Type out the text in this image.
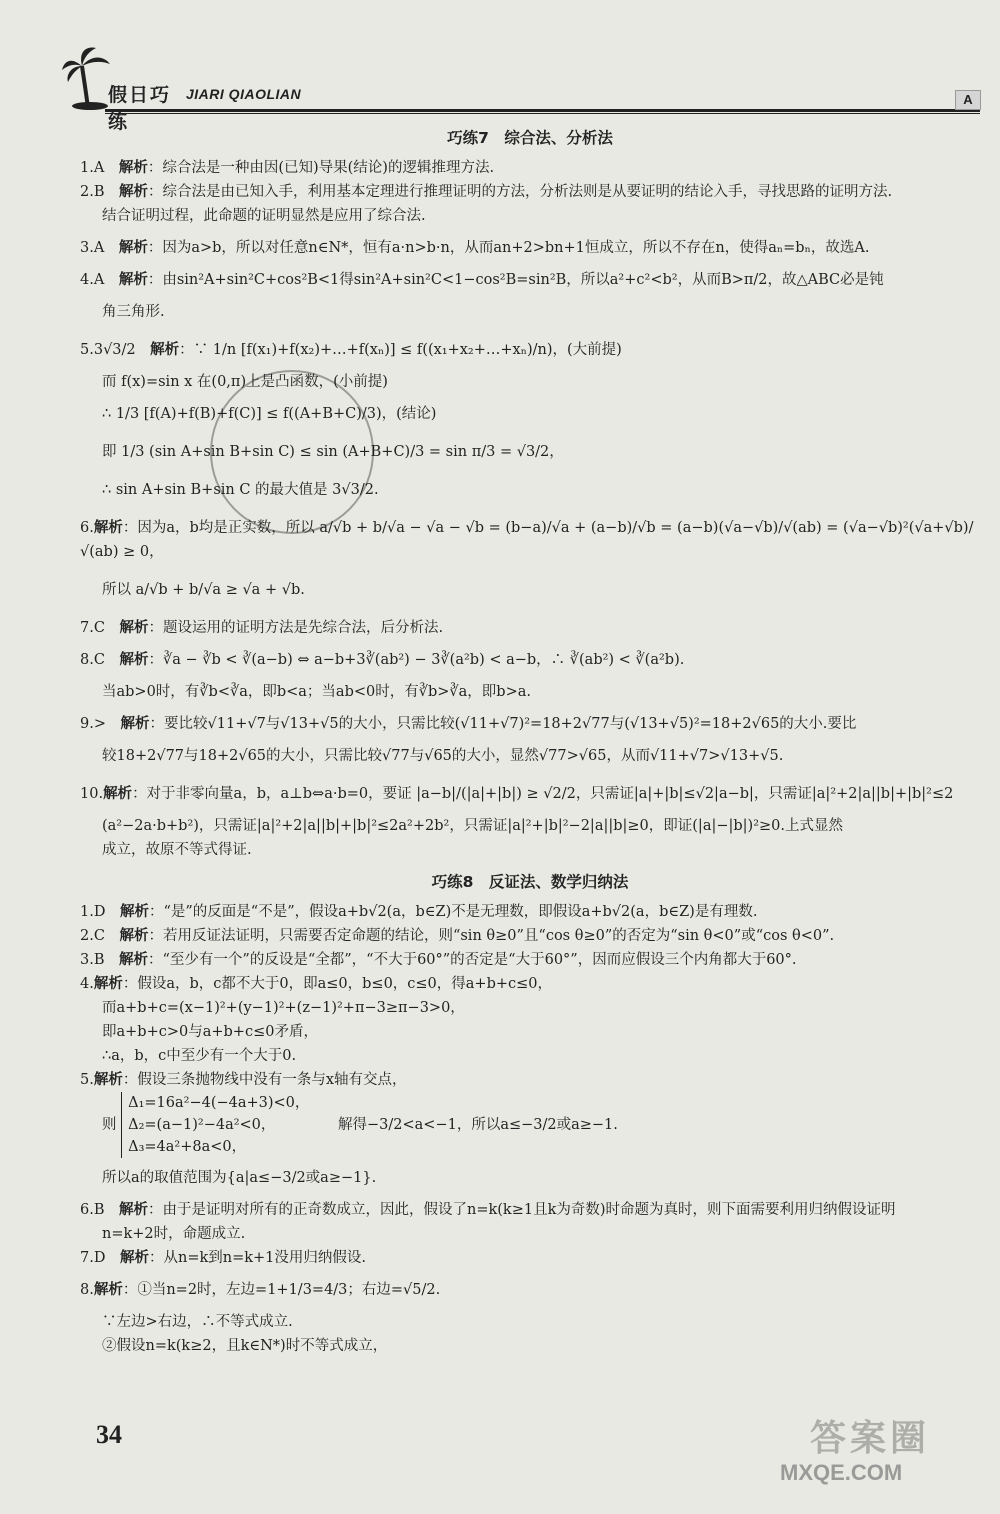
假日巧练
JIARI QIAOLIAN	A
巧练7　综合法、分析法
1.A　 解析：综合法是一种由因(已知)导果(结论)的逻辑推理方法.
2.B　 解析：综合法是由已知入手，利用基本定理进行推理证明的方法，分析法则是从要证明的结论入手，寻找思路的证明方法.
结合证明过程，此命题的证明显然是应用了综合法.
3.A　 解析：因为a>b，所以对任意n∈N*，恒有a·n>b·n，从而an+2>bn+1恒成立，所以不存在n，使得aₙ=bₙ，故选A.
4.A　 解析：由sin²A+sin²C+cos²B<1得sin²A+sin²C<1−cos²B=sin²B，所以a²+c²<b²，从而B>π/2，故△ABC必是钝
角三角形.
5.3√3/2　 解析：∵ 1/n [f(x₁)+f(x₂)+…+f(xₙ)] ≤ f((x₁+x₂+…+xₙ)/n)，(大前提)
而 f(x)=sin x 在(0,π)上是凸函数，(小前提)
∴ 1/3 [f(A)+f(B)+f(C)] ≤ f((A+B+C)/3)，(结论)
即 1/3 (sin A+sin B+sin C) ≤ sin (A+B+C)/3 = sin π/3 = √3/2，
∴ sin A+sin B+sin C 的最大值是 3√3/2.
6.解析：因为a，b均是正实数，所以 a/√b + b/√a − √a − √b = (b−a)/√a + (a−b)/√b = (a−b)(√a−√b)/√(ab) = (√a−√b)²(√a+√b)/√(ab) ≥ 0，
所以 a/√b + b/√a ≥ √a + √b.
7.C　 解析：题设运用的证明方法是先综合法，后分析法.
8.C　 解析：∛a − ∛b < ∛(a−b) ⇔ a−b+3∛(ab²) − 3∛(a²b) < a−b，∴ ∛(ab²) < ∛(a²b).
当ab>0时，有∛b<∛a，即b<a；当ab<0时，有∛b>∛a，即b>a.
9.>　 解析：要比较√11+√7与√13+√5的大小，只需比较(√11+√7)²=18+2√77与(√13+√5)²=18+2√65的大小.要比
较18+2√77与18+2√65的大小，只需比较√77与√65的大小，显然√77>√65，从而√11+√7>√13+√5.
10.解析：对于非零向量a，b，a⊥b⇔a·b=0，要证 |a−b|/(|a|+|b|) ≥ √2/2，只需证|a|+|b|≤√2|a−b|，只需证|a|²+2|a||b|+|b|²≤2
(a²−2a·b+b²)，只需证|a|²+2|a||b|+|b|²≤2a²+2b²，只需证|a|²+|b|²−2|a||b|≥0，即证(|a|−|b|)²≥0.上式显然
成立，故原不等式得证.
巧练8　反证法、数学归纳法
1.D　 解析：“是”的反面是“不是”，假设a+b√2(a，b∈Z)不是无理数，即假设a+b√2(a，b∈Z)是有理数.
2.C　 解析：若用反证法证明，只需要否定命题的结论，则“sin θ≥0”且“cos θ≥0”的否定为“sin θ<0”或“cos θ<0”.
3.B　 解析：“至少有一个”的反设是“全都”，“不大于60°”的否定是“大于60°”，因而应假设三个内角都大于60°.
4.解析：假设a，b，c都不大于0，即a≤0，b≤0，c≤0，得a+b+c≤0，
而a+b+c=(x−1)²+(y−1)²+(z−1)²+π−3≥π−3>0，
即a+b+c>0与a+b+c≤0矛盾，
∴a，b，c中至少有一个大于0.
5.解析：假设三条抛物线中没有一条与x轴有交点，
则 Δ₁=16a²−4(−4a+3)<0，
Δ₂=(a−1)²−4a²<0，
Δ₃=4a²+8a<0， 解得−3/2<a<−1，所以a≤−3/2或a≥−1.
所以a的取值范围为{a|a≤−3/2或a≥−1}.
6.B　 解析：由于是证明对所有的正奇数成立，因此，假设了n=k(k≥1且k为奇数)时命题为真时，则下面需要利用归纳假设证明
n=k+2时，命题成立.
7.D　 解析：从n=k到n=k+1没用归纳假设.
8.解析：①当n=2时，左边=1+1/3=4/3；右边=√5/2.
∵左边>右边，∴不等式成立.
②假设n=k(k≥2，且k∈N*)时不等式成立，
34	答案圈
MXQE.COM
